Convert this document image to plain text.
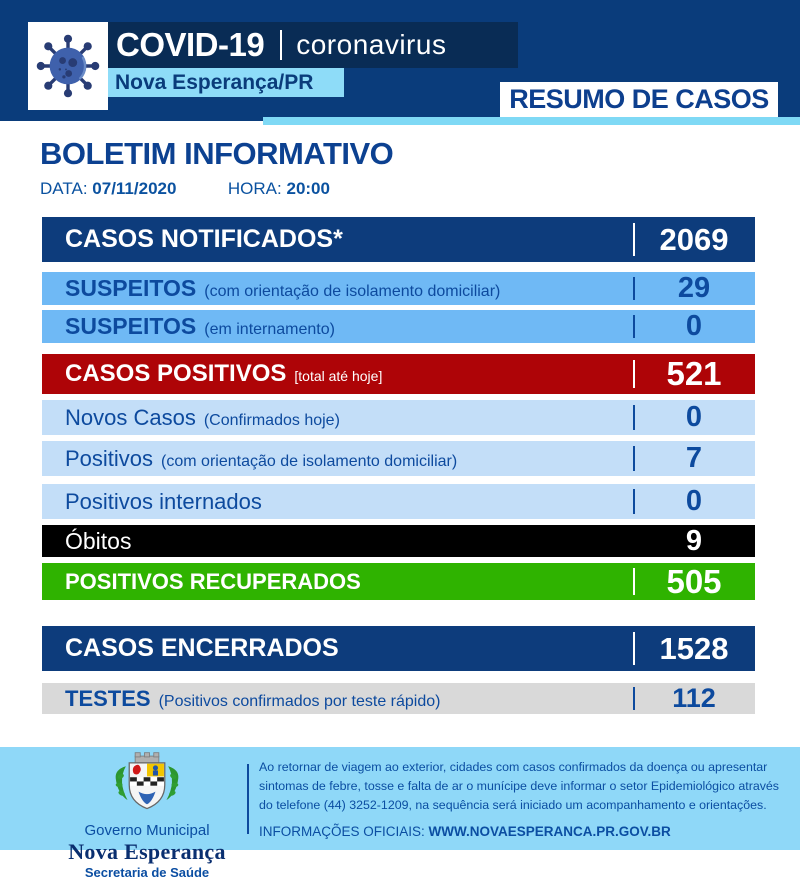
COVID-19 coronavirus
Nova Esperança/PR
RESUMO DE CASOS
BOLETIM INFORMATIVO
DATA: 07/11/2020	HORA: 20:00
CASOS NOTIFICADOS*	2069
SUSPEITOS (com orientação de isolamento domiciliar)	29
SUSPEITOS (em internamento)	0
CASOS POSITIVOS [total até hoje]	521
Novos Casos (Confirmados hoje)	0
Positivos (com orientação de isolamento domiciliar)	7
Positivos internados	0
Óbitos	9
POSITIVOS RECUPERADOS	505
CASOS ENCERRADOS	1528
TESTES (Positivos confirmados por teste rápido)	112
Governo Municipal
Nova Esperança
Secretaria de Saúde

Ao retornar de viagem ao exterior, cidades com casos confirmados da doença ou apresentar sintomas de febre, tosse e falta de ar o munícipe deve informar o setor Epidemiológico através do telefone (44) 3252-1209, na sequência será iniciado um acompanhamento e orientações.

INFORMAÇÕES OFICIAIS: WWW.NOVAESPERANCA.PR.GOV.BR
